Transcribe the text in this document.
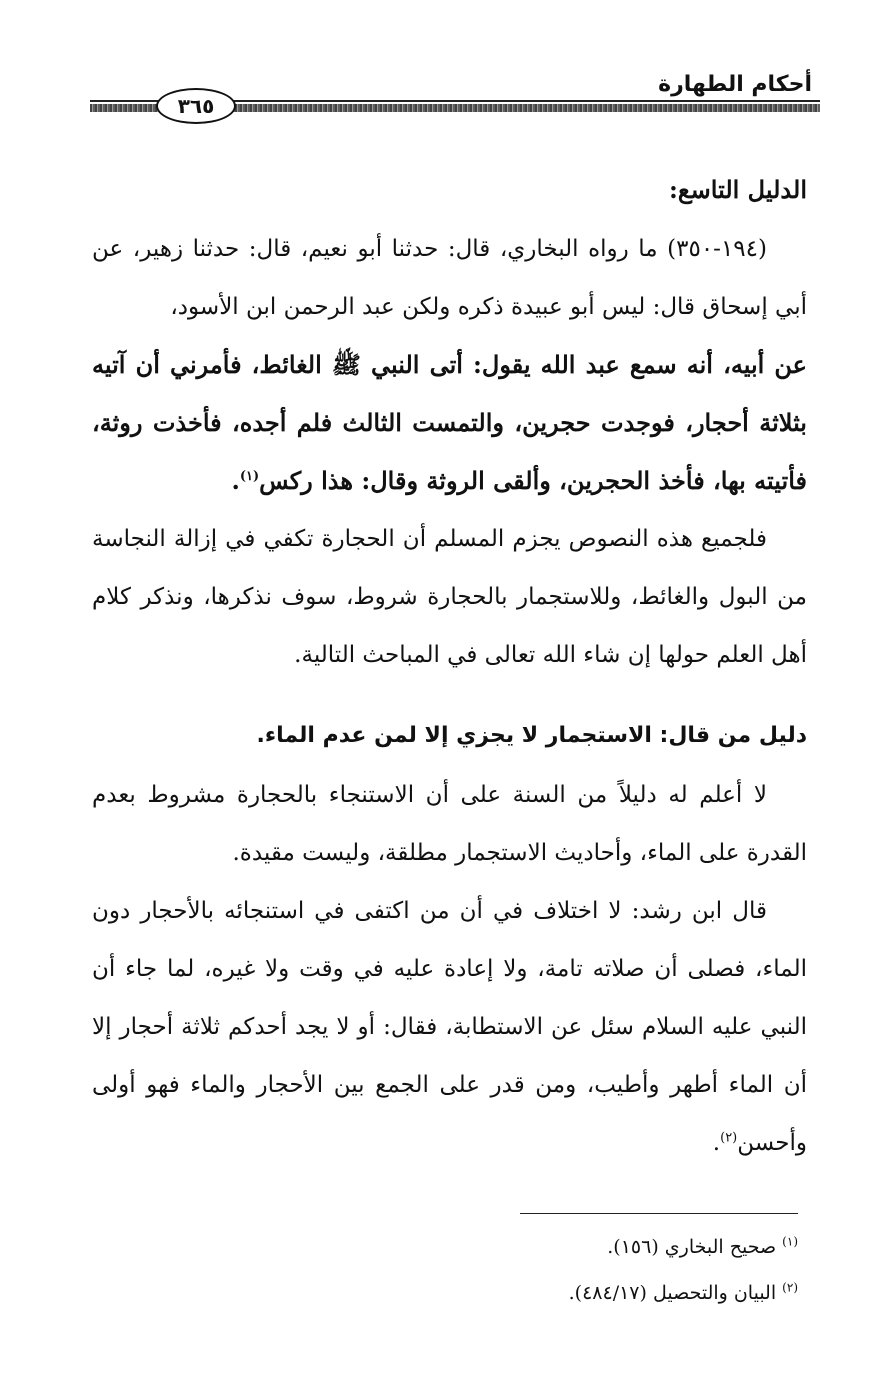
أحكام الطهارة
٣٦٥

الدليل التاسع:

(١٩٤-٣٥٠) ما رواه البخاري، قال: حدثنا أبو نعيم، قال: حدثنا زهير، عن أبي إسحاق قال: ليس أبو عبيدة ذكره ولكن عبد الرحمن ابن الأسود،

عن أبيه، أنه سمع عبد الله يقول: أتى النبي ﷺ الغائط، فأمرني أن آتيه بثلاثة أحجار، فوجدت حجرين، والتمست الثالث فلم أجده، فأخذت روثة، فأتيته بها، فأخذ الحجرين، وألقى الروثة وقال: هذا ركس$^{(١)}$.

فلجميع هذه النصوص يجزم المسلم أن الحجارة تكفي في إزالة النجاسة من البول والغائط، وللاستجمار بالحجارة شروط، سوف نذكرها، ونذكر كلام أهل العلم حولها إن شاء الله تعالى في المباحث التالية.

دليل من قال: الاستجمار لا يجزي إلا لمن عدم الماء.

لا أعلم له دليلاً من السنة على أن الاستنجاء بالحجارة مشروط بعدم القدرة على الماء، وأحاديث الاستجمار مطلقة، وليست مقيدة.

قال ابن رشد: لا اختلاف في أن من اكتفى في استنجائه بالأحجار دون الماء، فصلى أن صلاته تامة، ولا إعادة عليه في وقت ولا غيره، لما جاء أن النبي عليه السلام سئل عن الاستطابة، فقال: أو لا يجد أحدكم ثلاثة أحجار إلا أن الماء أطهر وأطيب، ومن قدر على الجمع بين الأحجار والماء فهو أولى وأحسن$^{(٢)}$.

$^{(١)}$ صحيح البخاري (١٥٦).

$^{(٢)}$ البيان والتحصيل (٤٨٤/١٧).
